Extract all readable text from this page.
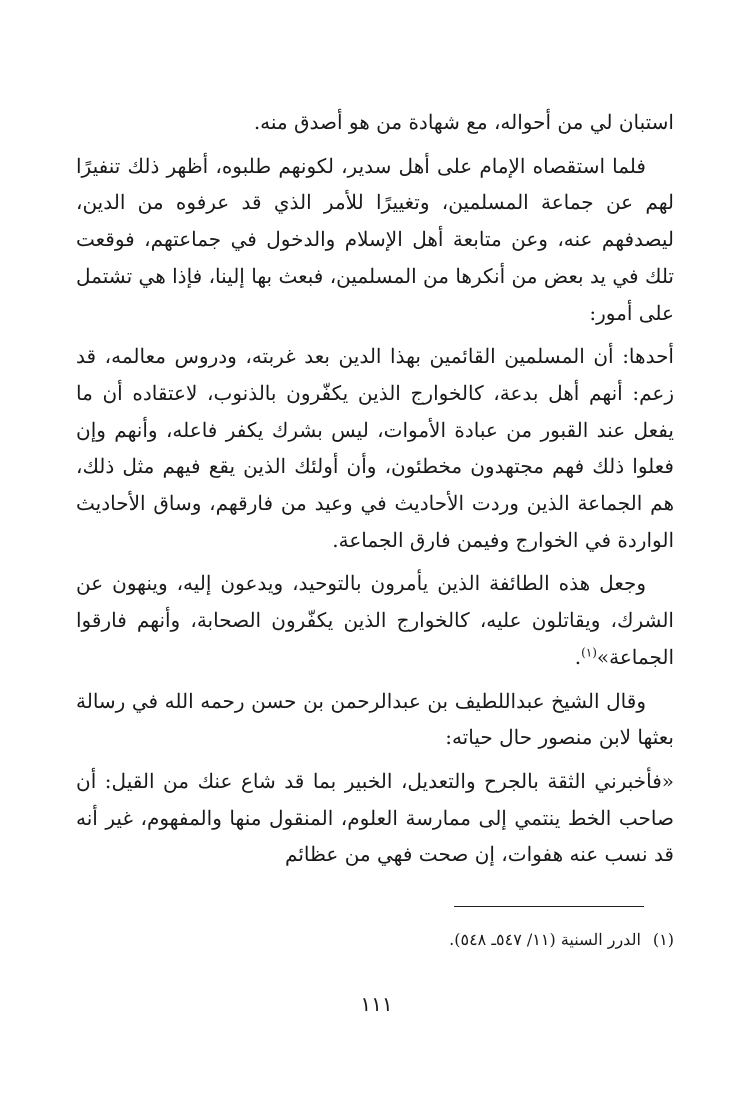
استبان لي من أحواله، مع شهادة من هو أصدق منه.

فلما استقصاه الإمام على أهل سدير، لكونهم طلبوه، أظهر ذلك تنفيرًا لهم عن جماعة المسلمين، وتغييرًا للأمر الذي قد عرفوه من الدين، ليصدفهم عنه، وعن متابعة أهل الإسلام والدخول في جماعتهم، فوقعت تلك في يد بعض من أنكرها من المسلمين، فبعث بها إلينا، فإذا هي تشتمل على أمور:

أحدها: أن المسلمين القائمين بهذا الدين بعد غربته، ودروس معالمه، قد زعم: أنهم أهل بدعة، كالخوارج الذين يكفّرون بالذنوب، لاعتقاده أن ما يفعل عند القبور من عبادة الأموات، ليس بشرك يكفر فاعله، وأنهم وإن فعلوا ذلك فهم مجتهدون مخطئون، وأن أولئك الذين يقع فيهم مثل ذلك، هم الجماعة الذين وردت الأحاديث في وعيد من فارقهم، وساق الأحاديث الواردة في الخوارج وفيمن فارق الجماعة.

وجعل هذه الطائفة الذين يأمرون بالتوحيد، ويدعون إليه، وينهون عن الشرك، ويقاتلون عليه، كالخوارج الذين يكفّرون الصحابة، وأنهم فارقوا الجماعة»$^{(١)}$.

وقال الشيخ عبداللطيف بن عبدالرحمن بن حسن رحمه الله في رسالة بعثها لابن منصور حال حياته:

«فأخبرني الثقة بالجرح والتعديل، الخبير بما قد شاع عنك من القيل: أن صاحب الخط ينتمي إلى ممارسة العلوم، المنقول منها والمفهوم، غير أنه قد نسب عنه هفوات، إن صحت فهي من عظائم

(١)الدرر السنية (١١/ ٥٤٧ـ ٥٤٨).
١١١
